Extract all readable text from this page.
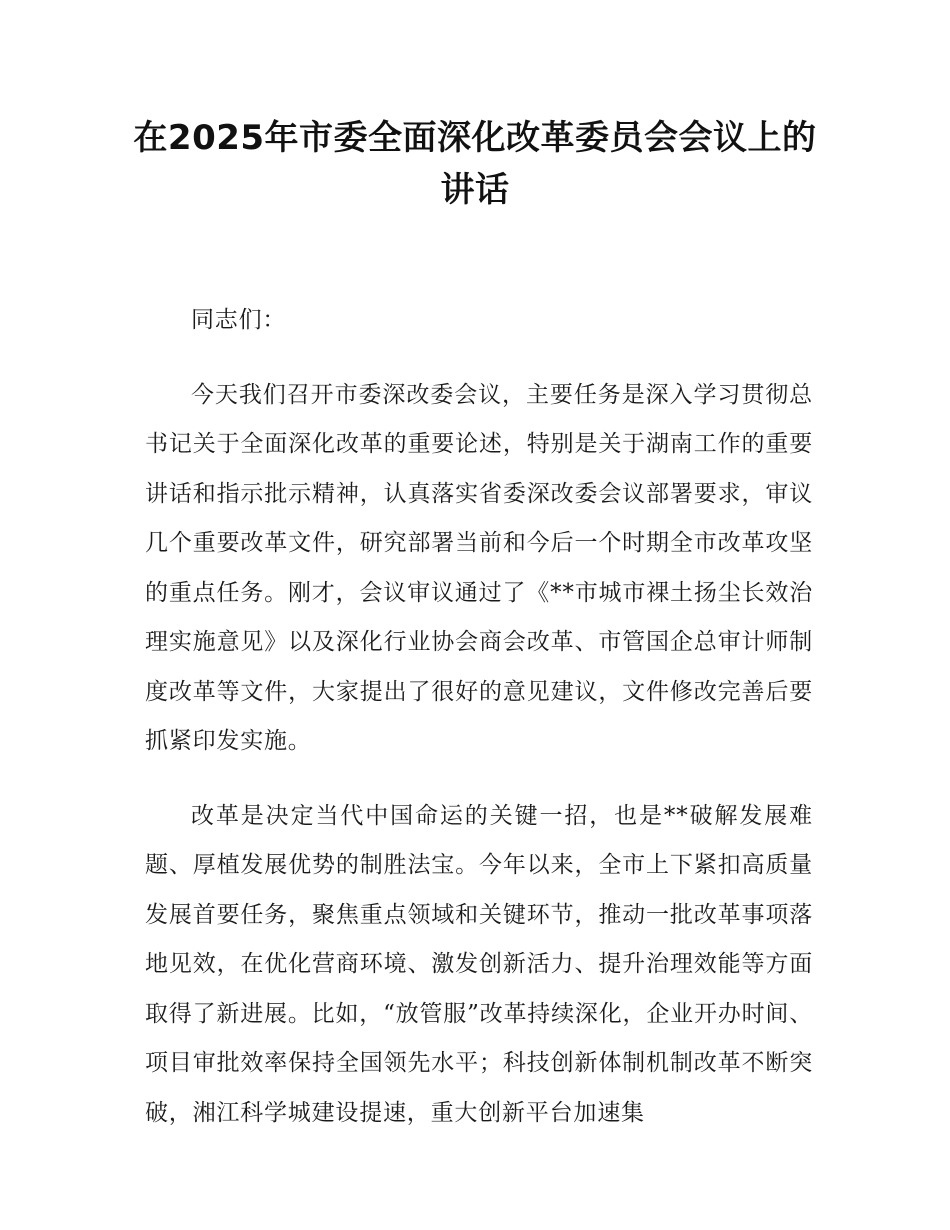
在2025年市委全面深化改革委员会会议上的讲话

同志们：

今天我们召开市委深改委会议，主要任务是深入学习贯彻总书记关于全面深化改革的重要论述，特别是关于湖南工作的重要讲话和指示批示精神，认真落实省委深改委会议部署要求，审议几个重要改革文件，研究部署当前和今后一个时期全市改革攻坚的重点任务。刚才，会议审议通过了《**市城市裸土扬尘长效治理实施意见》以及深化行业协会商会改革、市管国企总审计师制度改革等文件，大家提出了很好的意见建议，文件修改完善后要抓紧印发实施。

改革是决定当代中国命运的关键一招，也是**破解发展难题、厚植发展优势的制胜法宝。今年以来，全市上下紧扣高质量发展首要任务，聚焦重点领域和关键环节，推动一批改革事项落地见效，在优化营商环境、激发创新活力、提升治理效能等方面取得了新进展。比如，“放管服”改革持续深化，企业开办时间、项目审批效率保持全国领先水平；科技创新体制机制改革不断突破，湘江科学城建设提速，重大创新平台加速集
